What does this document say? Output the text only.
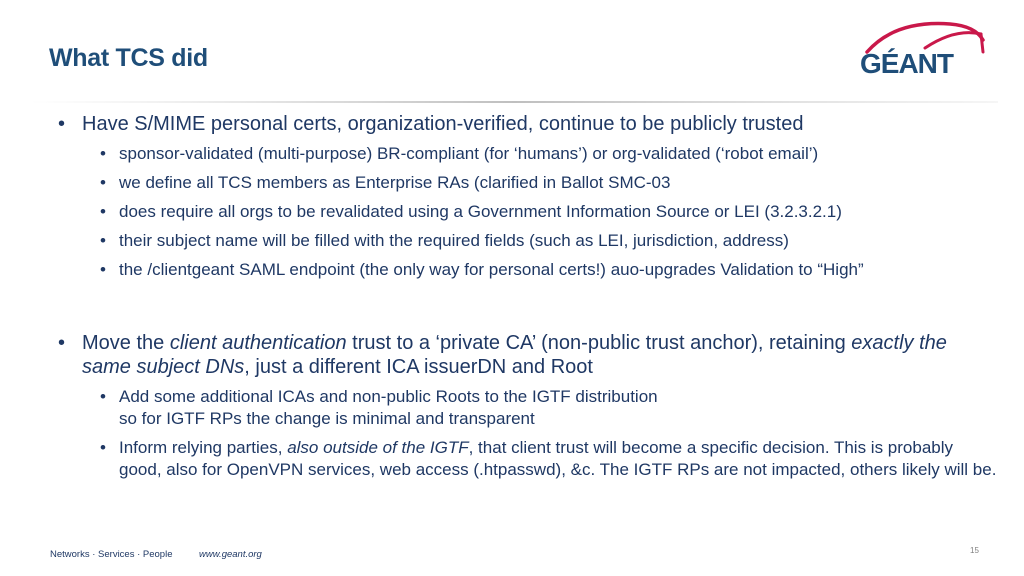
What TCS did	GÉANT

• Have S/MIME personal certs, organization-verified, continue to be publicly trusted

• sponsor-validated (multi-purpose) BR-compliant (for ‘humans’) or org-validated (‘robot email’)

• we define all TCS members as Enterprise RAs (clarified in Ballot SMC-03

• does require all orgs to be revalidated using a Government Information Source or LEI (3.2.3.2.1)

• their subject name will be filled with the required fields (such as LEI, jurisdiction, address)

• the /clientgeant SAML endpoint (the only way for personal certs!) auo-upgrades Validation to “High”

• Move the client authentication trust to a ‘private CA’ (non-public trust anchor), retaining exactly the same subject DNs, just a different ICA issuerDN and Root

• Add some additional ICAs and non-public Roots to the IGTF distribution
so for IGTF RPs the change is minimal and transparent

• Inform relying parties, also outside of the IGTF, that client trust will become a specific decision. This is probably good, also for OpenVPN services, web access (.htpasswd), &c. The IGTF RPs are not impacted, others likely will be.

Networks · Services · People	www.geant.org	15
